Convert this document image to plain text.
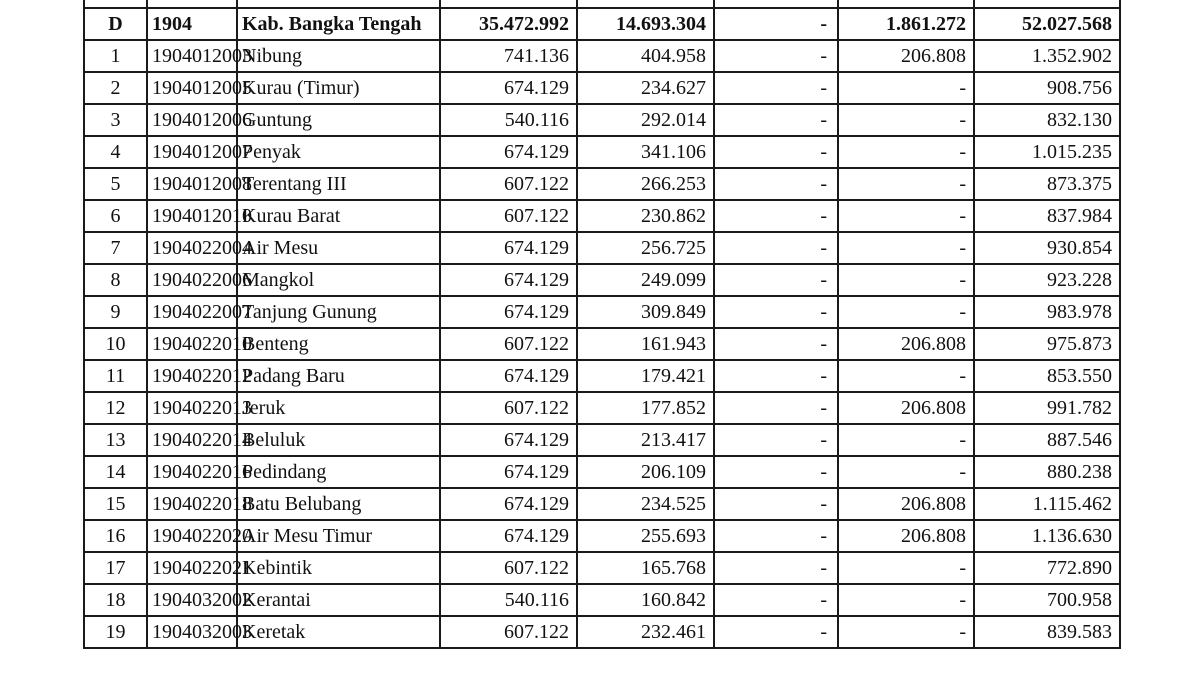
D	1904	Kab. Bangka Tengah	35.472.992	14.693.304	-	1.861.272	52.027.568
1	1904012003	Nibung	741.136	404.958	-	206.808	1.352.902
2	1904012005	Kurau (Timur)	674.129	234.627	-	-	908.756
3	1904012006	Guntung	540.116	292.014	-	-	832.130
4	1904012007	Penyak	674.129	341.106	-	-	1.015.235
5	1904012008	Terentang III	607.122	266.253	-	-	873.375
6	1904012010	Kurau Barat	607.122	230.862	-	-	837.984
7	1904022004	Air Mesu	674.129	256.725	-	-	930.854
8	1904022006	Mangkol	674.129	249.099	-	-	923.228
9	1904022007	Tanjung Gunung	674.129	309.849	-	-	983.978
10	1904022010	Benteng	607.122	161.943	-	206.808	975.873
11	1904022012	Padang Baru	674.129	179.421	-	-	853.550
12	1904022013	Jeruk	607.122	177.852	-	206.808	991.782
13	1904022014	Beluluk	674.129	213.417	-	-	887.546
14	1904022016	Pedindang	674.129	206.109	-	-	880.238
15	1904022018	Batu Belubang	674.129	234.525	-	206.808	1.115.462
16	1904022020	Air Mesu Timur	674.129	255.693	-	206.808	1.136.630
17	1904022021	Kebintik	607.122	165.768	-	-	772.890
18	1904032002	Kerantai	540.116	160.842	-	-	700.958
19	1904032003	Keretak	607.122	232.461	-	-	839.583
